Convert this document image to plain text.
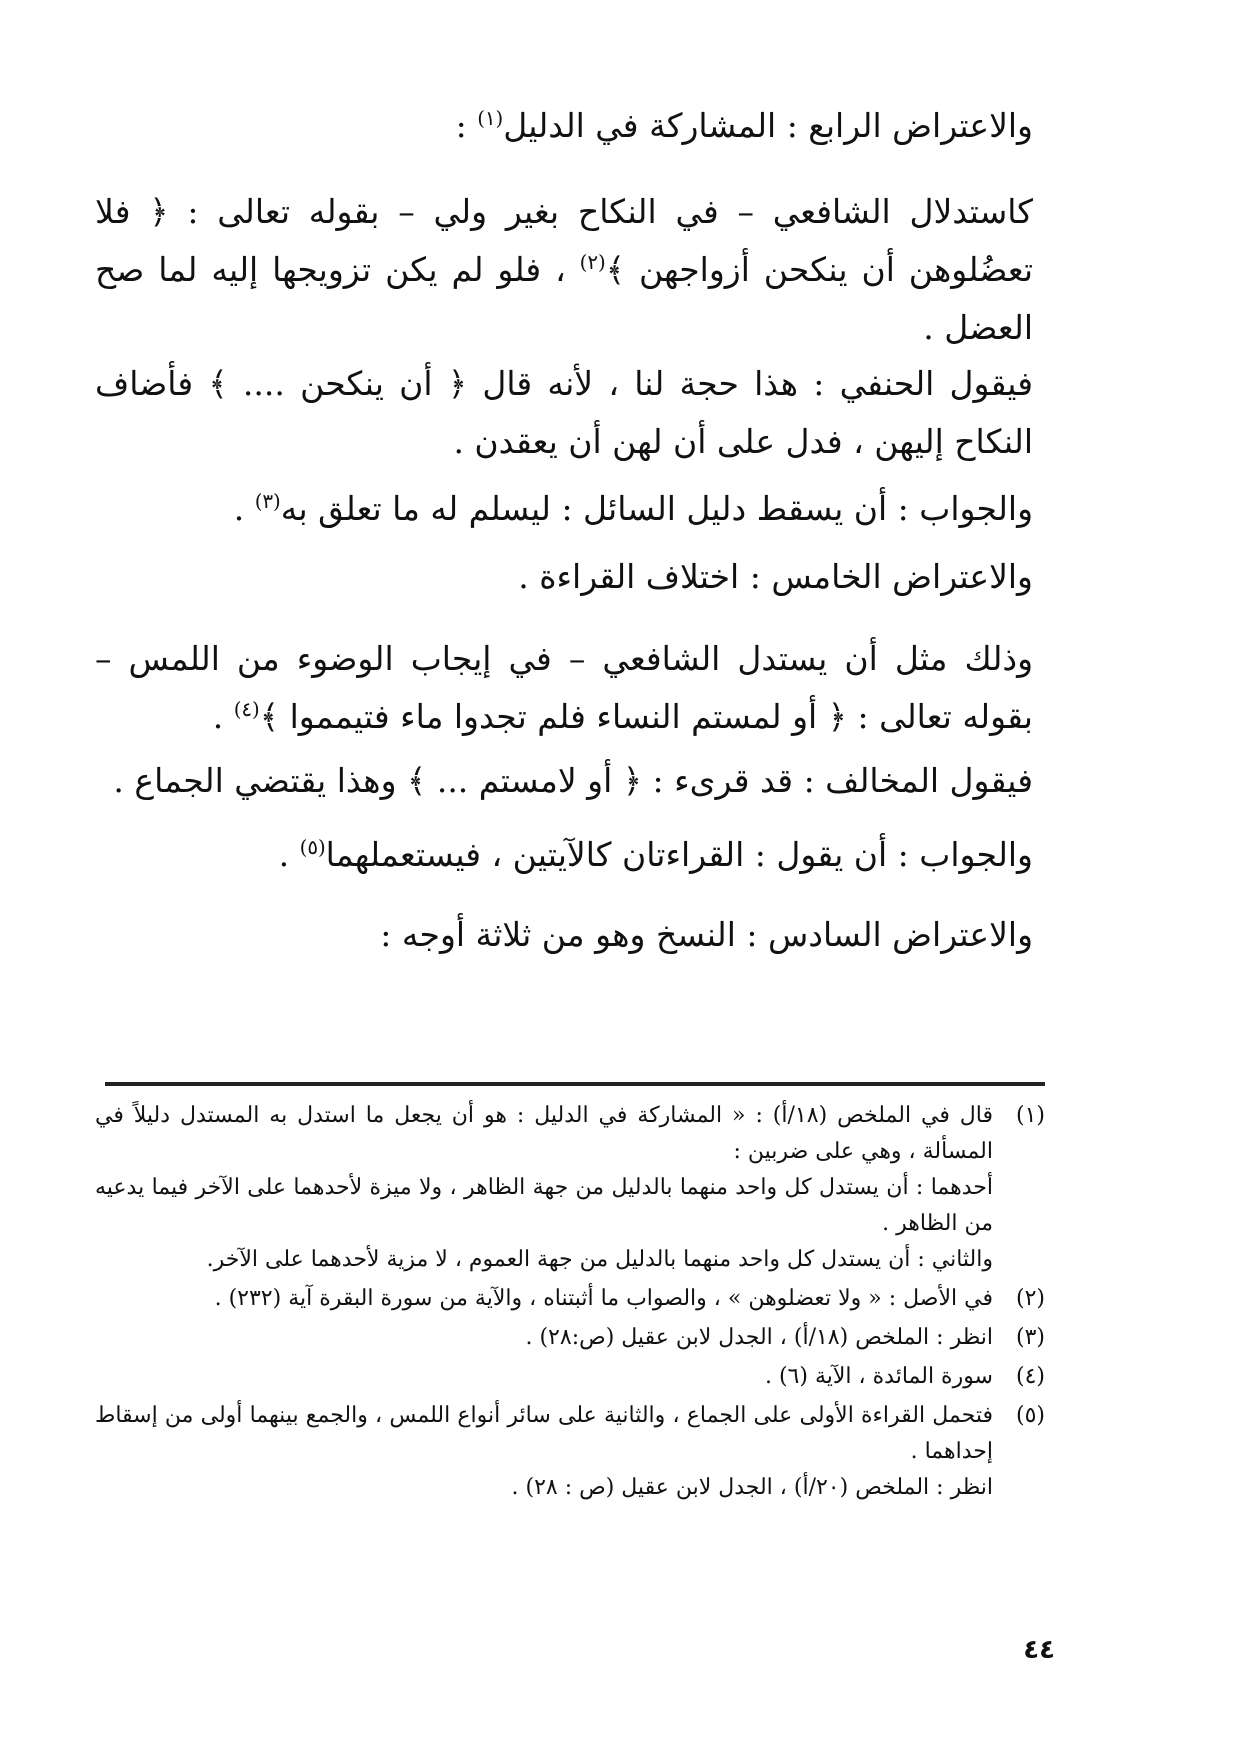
والاعتراض الرابع : المشاركة في الدليل$^{(١)}$ :

كاستدلال الشافعي – في النكاح بغير ولي – بقوله تعالى : ﴿ فلا تعضُلوهن أن ينكحن أزواجهن ﴾$^{(٢)}$ ، فلو لم يكن تزويجها إليه لما صح العضل .

فيقول الحنفي : هذا حجة لنا ، لأنه قال ﴿ أن ينكحن .... ﴾ فأضاف النكاح إليهن ، فدل على أن لهن أن يعقدن .

والجواب : أن يسقط دليل السائل : ليسلم له ما تعلق به$^{(٣)}$ .

والاعتراض الخامس : اختلاف القراءة .

وذلك مثل أن يستدل الشافعي – في إيجاب الوضوء من اللمس – بقوله تعالى : ﴿ أو لمستم النساء فلم تجدوا ماء فتيمموا ﴾$^{(٤)}$ .

فيقول المخالف : قد قرىء : ﴿ أو لامستم ... ﴾ وهذا يقتضي الجماع .

والجواب : أن يقول : القراءتان كالآيتين ، فيستعملهما$^{(٥)}$ .

والاعتراض السادس : النسخ وهو من ثلاثة أوجه :

(١)
قال في الملخص (١٨/أ) : « المشاركة في الدليل : هو أن يجعل ما استدل به المستدل دليلاً في المسألة ، وهي على ضربين :
أحدهما : أن يستدل كل واحد منهما بالدليل من جهة الظاهر ، ولا ميزة لأحدهما على الآخر فيما يدعيه من الظاهر .
والثاني : أن يستدل كل واحد منهما بالدليل من جهة العموم ، لا مزية لأحدهما على الآخر.
(٢)
في الأصل : « ولا تعضلوهن » ، والصواب ما أثبتناه ، والآية من سورة البقرة آية (٢٣٢) .
(٣)
انظر : الملخص (١٨/أ) ، الجدل لابن عقيل (ص:٢٨) .
(٤)
سورة المائدة ، الآية (٦) .
(٥)
فتحمل القراءة الأولى على الجماع ، والثانية على سائر أنواع اللمس ، والجمع بينهما أولى من إسقاط إحداهما .
انظر : الملخص (٢٠/أ) ، الجدل لابن عقيل (ص : ٢٨) .
٤٤
